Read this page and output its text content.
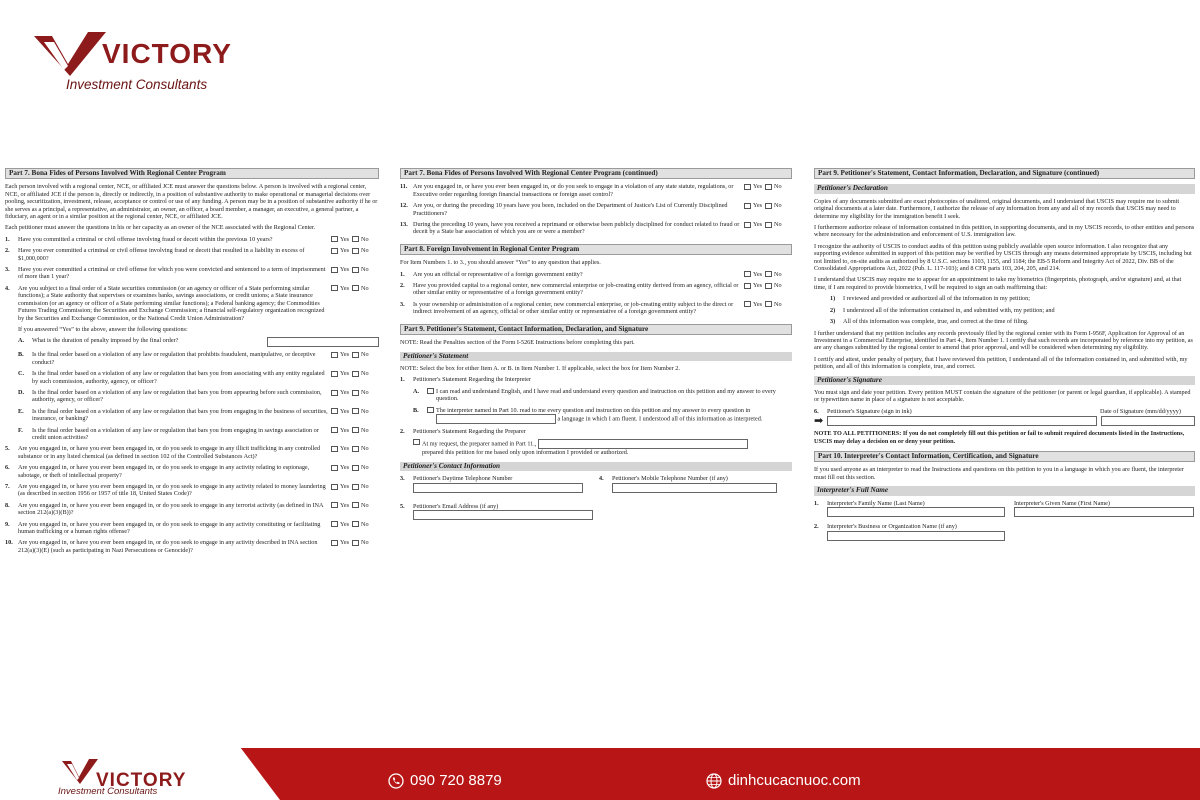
VICTORY
Investment Consultants
Part 7. Bona Fides of Persons Involved With Regional Center Program
Each person involved with a regional center, NCE, or affiliated JCE must answer the questions below. A person is involved with a regional center, NCE, or affiliated JCE if the person is, directly or indirectly, in a position of substantive authority to make operational or managerial decisions over pooling, securitization, investment, release, acceptance or control or use of any funding. A person may be in a position of substantive authority if he or she serves as a principal, a representative, an administrator, an owner, an officer, a board member, a manager, an executive, a general partner, a fiduciary, an agent or in a similar position at the regional center, NCE, or affiliated JCE.
Each petitioner must answer the questions in his or her capacity as an owner of the NCE associated with the Regional Center.
1.	Have you committed a criminal or civil offense involving fraud or deceit within the previous 10 years?	Yes	No
2.	Have you ever committed a criminal or civil offense involving fraud or deceit that resulted in a liability in excess of $1,000,000?
Yes	No
3.	Have you ever committed a criminal or civil offense for which you were convicted and sentenced to a term of imprisonment of more than 1 year?
Yes	No
4.	Are you subject to a final order of a State securities commission (or an agency or officer of a State performing similar functions); a State authority that supervises or examines banks, savings associations, or credit unions; a State insurance commission (or an agency or officer of a State performing similar functions); a Federal banking agency; the Commodities Futures Trading Commission; the Securities and Exchange Commission; a financial self-regulatory organization recognized by the Securities and Exchange Commission, or the National Credit Union Administration?
Yes	No
If you answered “Yes” to the above, answer the following questions:
A.	What is the duration of penalty imposed by the final order?
B.	Is the final order based on a violation of any law or regulation that prohibits fraudulent, manipulative, or deceptive conduct?
Yes	No
C.	Is the final order based on a violation of any law or regulation that bars you from associating with any entity regulated by such commission, authority, agency, or officer?
Yes	No
D.	Is the final order based on a violation of any law or regulation that bars you from appearing before such commission, authority, agency, or officer?
Yes	No
E.	Is the final order based on a violation of any law or regulation that bars you from engaging in the business of securities, insurance, or banking?
Yes	No
F.	Is the final order based on a violation of any law or regulation that bars you from engaging in savings association or credit union activities?
Yes	No
5.	Are you engaged in, or have you ever been engaged in, or do you seek to engage in any illicit trafficking in any controlled substance or in any listed chemical (as defined in section 102 of the Controlled Substances Act)?
Yes	No
6.	Are you engaged in, or have you ever been engaged in, or do you seek to engage in any activity relating to espionage, sabotage, or theft of intellectual property?
Yes	No
7.	Are you engaged in, or have you ever been engaged in, or do you seek to engage in any activity related to money laundering (as described in section 1956 or 1957 of title 18, United States Code)?
Yes	No
8.	Are you engaged in, or have you ever been engaged in, or do you seek to engage in any terrorist activity (as defined in INA section 212(a)(3)(B))?
Yes	No
9.	Are you engaged in, or have you ever been engaged in, or do you seek to engage in any activity constituting or facilitating human trafficking or a human rights offense?
Yes	No
10. Are you engaged in, or have you ever been engaged in, or do you seek to engage in any activity described in INA section 212(a)(3)(E) (such as participating in Nazi Persecutions or Genocide)?
Yes	No
Part 7. Bona Fides of Persons Involved With Regional Center Program (continued)
11. Are you engaged in, or have you ever been engaged in, or do you seek to engage in a violation of any state statute, regulations, or Executive order regarding foreign financial transactions or foreign asset control?
Yes	No
12. Are you, or during the preceding 10 years have you been, included on the Department of Justice's List of Currently Disciplined Practitioners?
Yes	No
13. During the preceding 10 years, have you received a reprimand or otherwise been publicly disciplined for conduct related to fraud or deceit by a State bar association of which you are or were a member?
Yes	No
Part 8. Foreign Involvement in Regional Center Program
For Item Numbers 1. to 3., you should answer “Yes” to any question that applies.
1.	Are you an official or representative of a foreign government entity?	Yes	No
2.	Have you provided capital to a regional center, new commercial enterprise or job-creating entity derived from an agency, official or other similar entity or representative of a foreign government entity?
Yes	No
3.	Is your ownership or administration of a regional center, new commercial enterprise, or job-creating entity subject to the direct or indirect involvement of an agency, official or other similar entity or representative of a foreign government entity?
Yes	No
Part 9. Petitioner's Statement, Contact Information, Declaration, and Signature
NOTE: Read the Penalties section of the Form I-526E Instructions before completing this part.
Petitioner's Statement
NOTE: Select the box for either Item A. or B. in Item Number 1. If applicable, select the box for Item Number 2.
1.	Petitioner's Statement Regarding the Interpreter
A.	I can read and understand English, and I have read and understand every question and instruction on this petition and my answer to every question.
B.	The interpreter named in Part 10. read to me every question and instruction on this petition and my answer to every question in  a language in which I am fluent. I understood all of this information as interpreted.
2.	Petitioner's Statement Regarding the Preparer
At my request, the preparer named in Part 11.,
prepared this petition for me based only upon information I provided or authorized.
Petitioner's Contact Information
3.	Petitioner's Daytime Telephone Number	4.	Petitioner's Mobile Telephone Number (if any)

5.	Petitioner's Email Address (if any)

Part 9. Petitioner's Statement, Contact Information, Declaration, and Signature (continued)
Petitioner's Declaration
Copies of any documents submitted are exact photocopies of unaltered, original documents, and I understand that USCIS may require me to submit original documents at a later date. Furthermore, I authorize the release of any information from any and all of my records that USCIS may need to determine my eligibility for the immigration benefit I seek.
I furthermore authorize release of information contained in this petition, in supporting documents, and in my USCIS records, to other entities and persons where necessary for the administration and enforcement of U.S. immigration law.
I recognize the authority of USCIS to conduct audits of this petition using publicly available open source information. I also recognize that any supporting evidence submitted in support of this petition may be verified by USCIS through any means determined appropriate by USCIS, including but not limited to, on-site audits as authorized by 8 U.S.C. sections 1103, 1155, and 1184; the EB-5 Reform and Integrity Act of 2022, Div. BB of the Consolidated Appropriations Act, 2022 (Pub. L. 117-103); and 8 CFR parts 103, 204, 205, and 214.
I understand that USCIS may require me to appear for an appointment to take my biometrics (fingerprints, photograph, and/or signature) and, at that time, if I am required to provide biometrics, I will be required to sign an oath reaffirming that:
1)	I reviewed and provided or authorized all of the information in my petition;
2)	I understood all of the information contained in, and submitted with, my petition; and
3)	All of this information was complete, true, and correct at the time of filing.
I further understand that my petition includes any records previously filed by the regional center with its Form I-956F, Application for Approval of an Investment in a Commercial Enterprise, identified in Part 4., Item Number 1. I certify that such records are incorporated by reference into my petition, as are any changes submitted by the regional center to amend that prior approval, and will be considered when determining my eligibility.
I certify and attest, under penalty of perjury, that I have reviewed this petition, I understand all of the information contained in, and submitted with, my petition, and all of this information is complete, true, and correct.
Petitioner's Signature
You must sign and date your petition. Every petition MUST contain the signature of the petitioner (or parent or legal guardian, if applicable). A stamped or typewritten name in place of a signature is not acceptable.
6.	Petitioner's Signature (sign in ink)	Date of Signature (mm/dd/yyyy)
➡
NOTE TO ALL PETITIONERS: If you do not completely fill out this petition or fail to submit required documents listed in the Instructions, USCIS may delay a decision on or deny your petition.
Part 10. Interpreter's Contact Information, Certification, and Signature
If you used anyone as an interpreter to read the Instructions and questions on this petition to you in a language in which you are fluent, the interpreter must fill out this section.
Interpreter's Full Name
1.	Interpreter's Family Name (Last Name)	Interpreter's Given Name (First Name)

2.	Interpreter's Business or Organization Name (if any)

VICTORY
Investment Consultants
090 720 8879	dinhcucacnuoc.com
